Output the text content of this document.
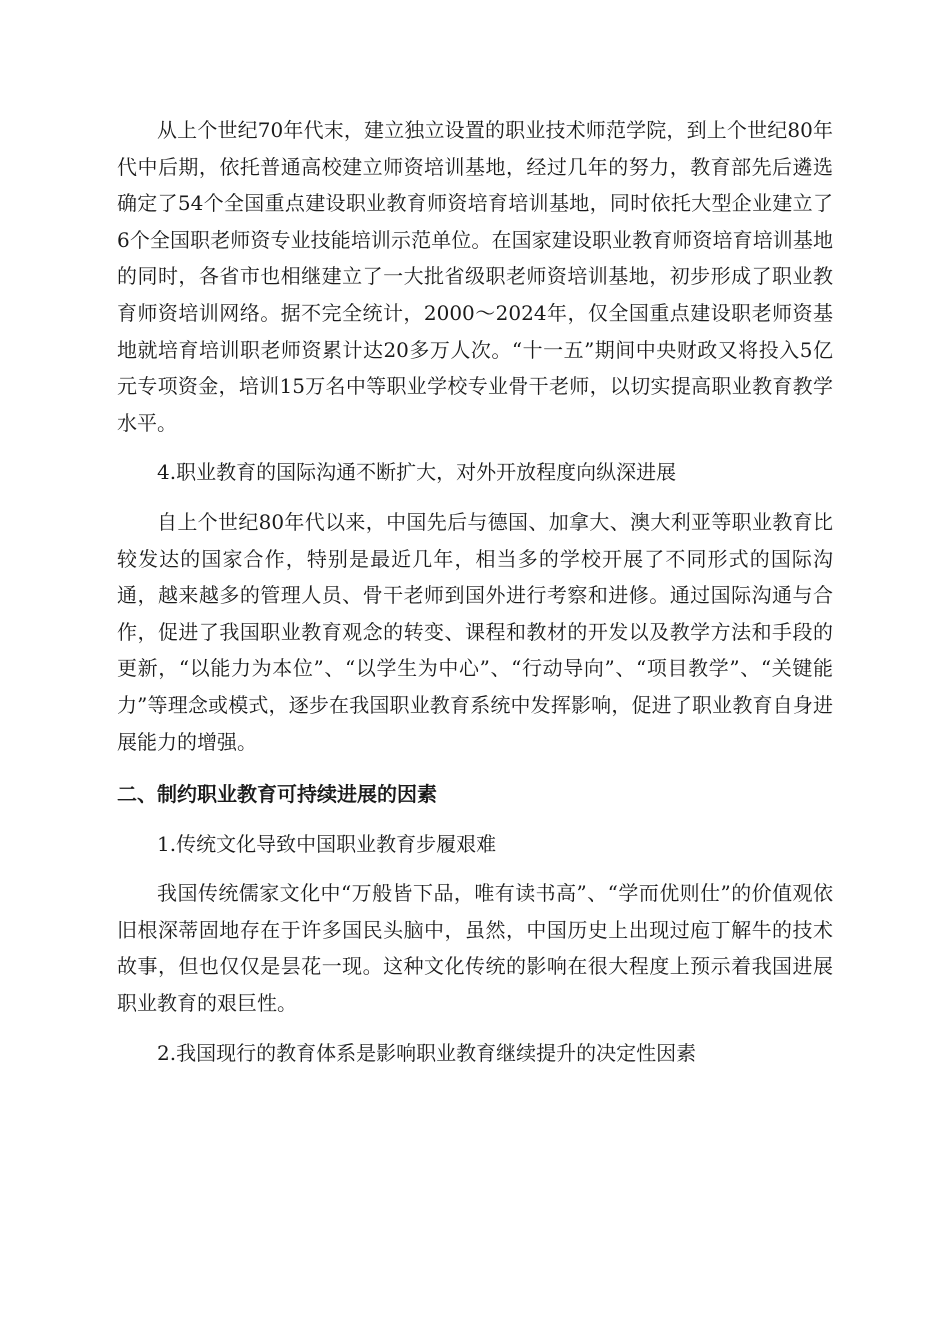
从上个世纪70年代末，建立独立设置的职业技术师范学院，到上个世纪80年代中后期，依托普通高校建立师资培训基地，经过几年的努力，教育部先后遴选确定了54个全国重点建设职业教育师资培育培训基地，同时依托大型企业建立了6个全国职老师资专业技能培训示范单位。在国家建设职业教育师资培育培训基地的同时，各省市也相继建立了一大批省级职老师资培训基地，初步形成了职业教育师资培训网络。据不完全统计，2000～2024年，仅全国重点建设职老师资基地就培育培训职老师资累计达20多万人次。“十一五”期间中央财政又将投入5亿元专项资金，培训15万名中等职业学校专业骨干老师，以切实提高职业教育教学水平。

4.职业教育的国际沟通不断扩大，对外开放程度向纵深进展

自上个世纪80年代以来，中国先后与德国、加拿大、澳大利亚等职业教育比较发达的国家合作，特别是最近几年，相当多的学校开展了不同形式的国际沟通，越来越多的管理人员、骨干老师到国外进行考察和进修。通过国际沟通与合作，促进了我国职业教育观念的转变、课程和教材的开发以及教学方法和手段的更新，“以能力为本位”、“以学生为中心”、“行动导向”、“项目教学”、“关键能力”等理念或模式，逐步在我国职业教育系统中发挥影响，促进了职业教育自身进展能力的增强。

二、制约职业教育可持续进展的因素

1.传统文化导致中国职业教育步履艰难

我国传统儒家文化中“万般皆下品，唯有读书高”、“学而优则仕”的价值观依旧根深蒂固地存在于许多国民头脑中，虽然，中国历史上出现过庖丁解牛的技术故事，但也仅仅是昙花一现。这种文化传统的影响在很大程度上预示着我国进展职业教育的艰巨性。

2.我国现行的教育体系是影响职业教育继续提升的决定性因素
